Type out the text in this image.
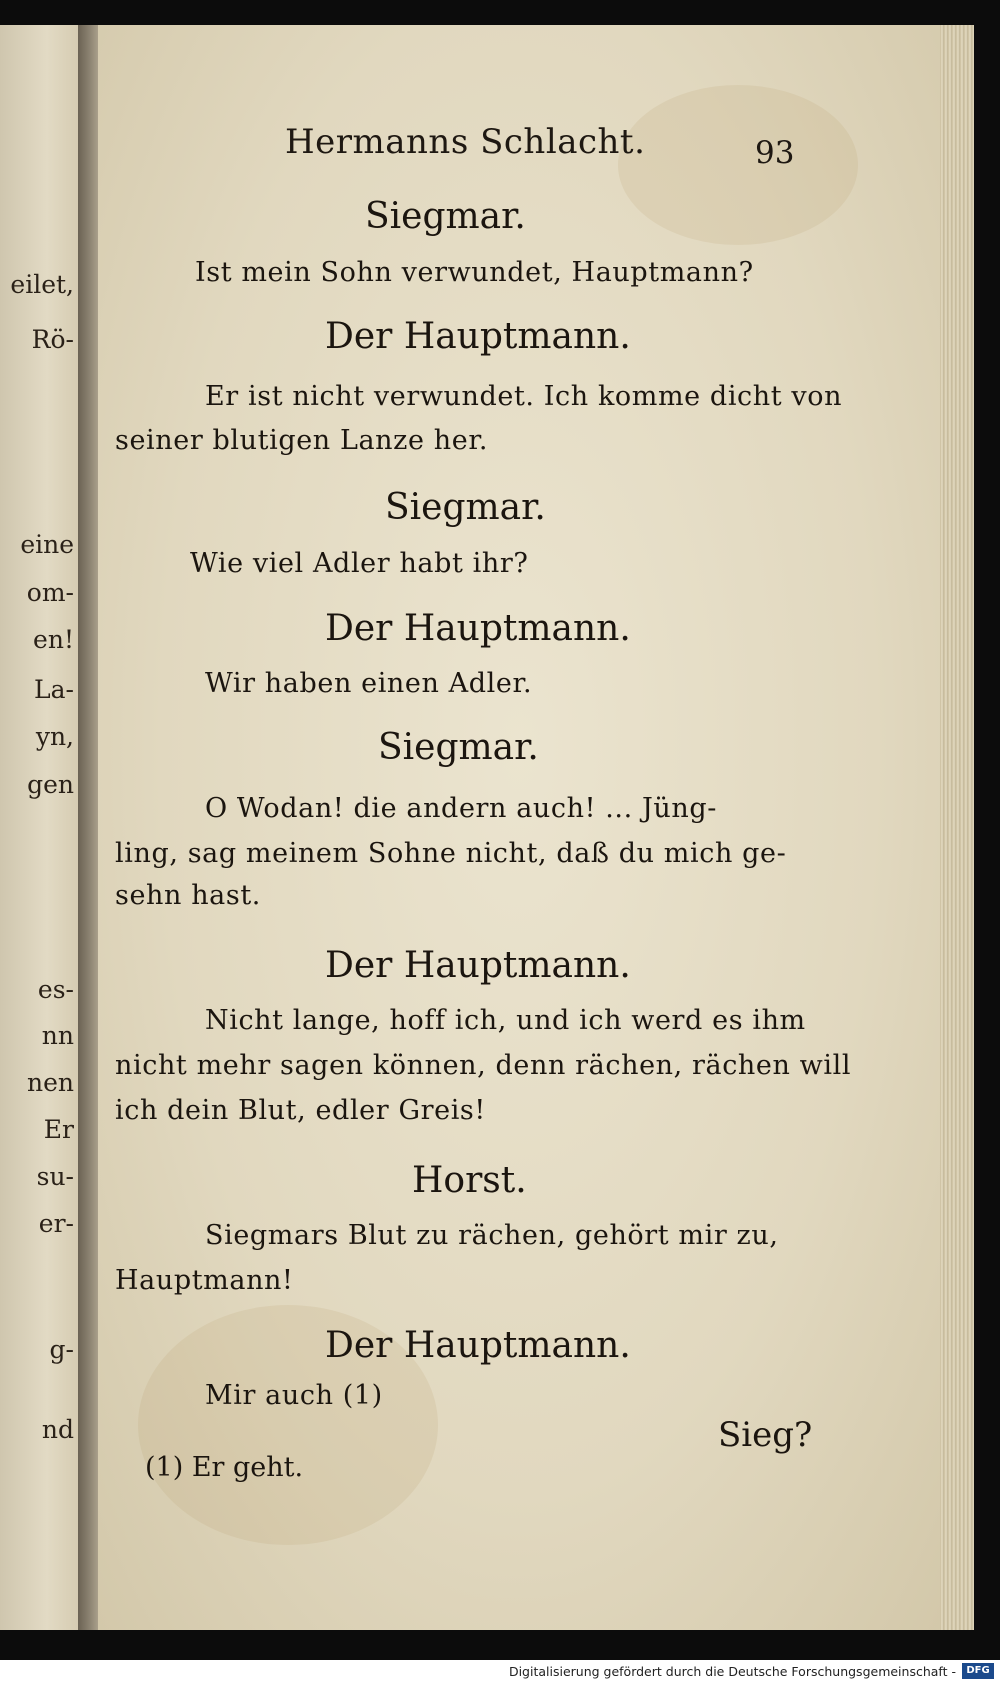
eilet,
Rö-
eine
om-
en!
La-
yn,
gen
es-
nn
nen
Er
su-
er-
g-
nd
Hermanns Schlacht.	93
Siegmar.
Ist mein Sohn verwundet, Hauptmann?
Der Hauptmann.
Er ist nicht verwundet. Ich komme dicht von
seiner blutigen Lanze her.
Siegmar.
Wie viel Adler habt ihr?
Der Hauptmann.
Wir haben einen Adler.
Siegmar.
O Wodan! die andern auch! ... Jüng-
ling, sag meinem Sohne nicht, daß du mich ge-
sehn hast.
Der Hauptmann.
Nicht lange, hoff ich, und ich werd es ihm
nicht mehr sagen können, denn rächen, rächen will
ich dein Blut, edler Greis!
Horst.
Siegmars Blut zu rächen, gehört mir zu,
Hauptmann!
Der Hauptmann.
Mir auch (1)
Sieg?
(1) Er geht.
Digitalisierung gefördert durch die Deutsche Forschungsgemeinschaft -	DFG
